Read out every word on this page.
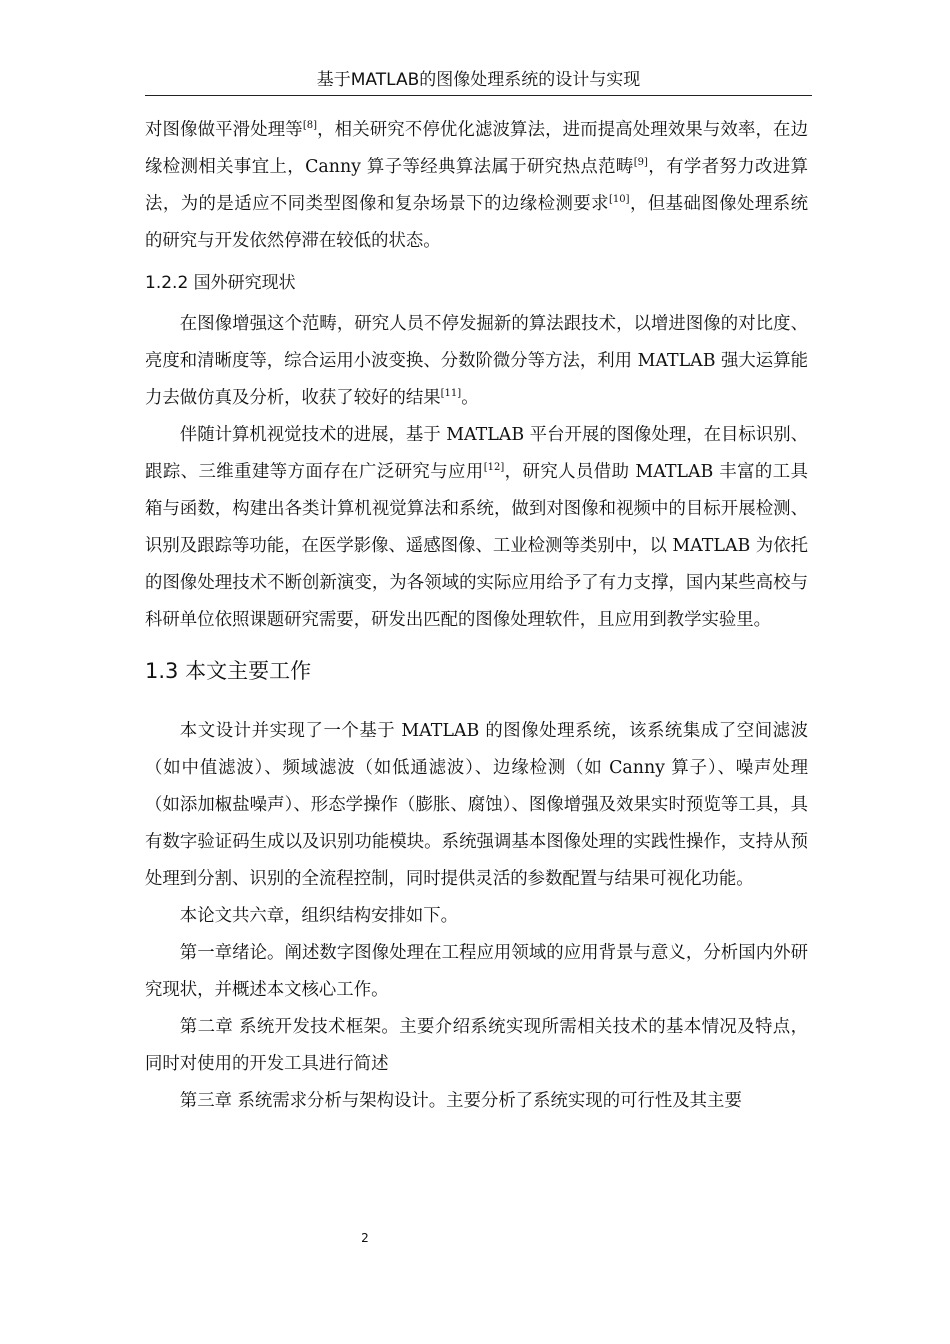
基于MATLAB的图像处理系统的设计与实现

对图像做平滑处理等[8]，相关研究不停优化滤波算法，进而提高处理效果与效率，在边缘检测相关事宜上，Canny 算子等经典算法属于研究热点范畴[9]，有学者努力改进算法，为的是适应不同类型图像和复杂场景下的边缘检测要求[10]，但基础图像处理系统的研究与开发依然停滞在较低的状态。

1.2.2 国外研究现状

在图像增强这个范畴，研究人员不停发掘新的算法跟技术，以增进图像的对比度、亮度和清晰度等，综合运用小波变换、分数阶微分等方法，利用 MATLAB 强大运算能力去做仿真及分析，收获了较好的结果[11]。

伴随计算机视觉技术的进展，基于 MATLAB 平台开展的图像处理，在目标识别、跟踪、三维重建等方面存在广泛研究与应用[12]，研究人员借助 MATLAB 丰富的工具箱与函数，构建出各类计算机视觉算法和系统，做到对图像和视频中的目标开展检测、识别及跟踪等功能，在医学影像、遥感图像、工业检测等类别中，以 MATLAB 为依托的图像处理技术不断创新演变，为各领域的实际应用给予了有力支撑，国内某些高校与科研单位依照课题研究需要，研发出匹配的图像处理软件，且应用到教学实验里。

1.3 本文主要工作

本文设计并实现了一个基于 MATLAB 的图像处理系统，该系统集成了空间滤波（如中值滤波）、频域滤波（如低通滤波）、边缘检测（如 Canny 算子）、噪声处理（如添加椒盐噪声）、形态学操作（膨胀、腐蚀）、图像增强及效果实时预览等工具，具有数字验证码生成以及识别功能模块。系统强调基本图像处理的实践性操作，支持从预处理到分割、识别的全流程控制，同时提供灵活的参数配置与结果可视化功能。

本论文共六章，组织结构安排如下。

第一章绪论。阐述数字图像处理在工程应用领域的应用背景与意义，分析国内外研究现状，并概述本文核心工作。

第二章 系统开发技术框架。主要介绍系统实现所需相关技术的基本情况及特点，同时对使用的开发工具进行简述

第三章 系统需求分析与架构设计。主要分析了系统实现的可行性及其主要

2
